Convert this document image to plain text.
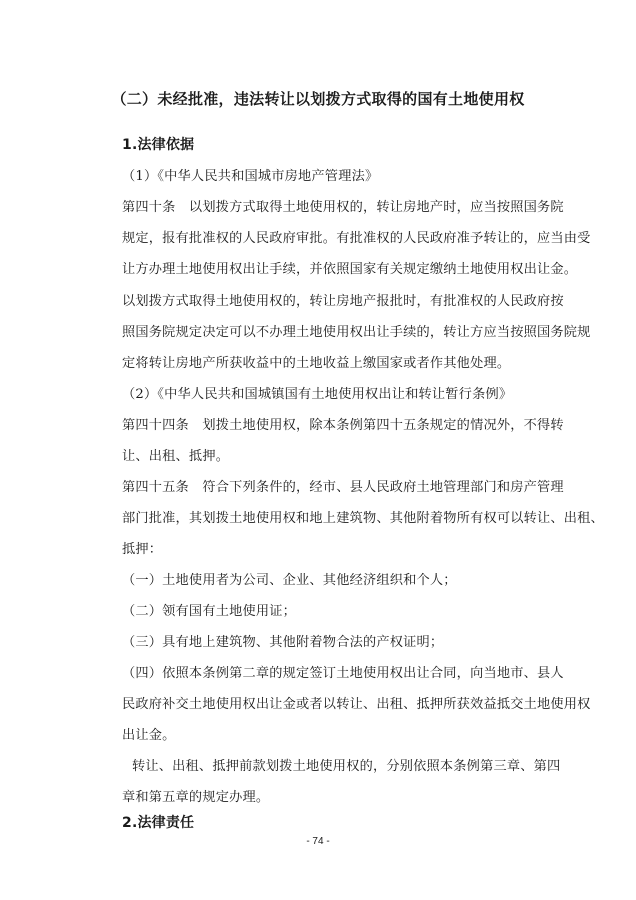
（二）未经批准，违法转让以划拨方式取得的国有土地使用权
1.法律依据
（1）《中华人民共和国城市房地产管理法》
第四十条　以划拨方式取得土地使用权的，转让房地产时，应当按照国务院
规定，报有批准权的人民政府审批。有批准权的人民政府准予转让的，应当由受
让方办理土地使用权出让手续，并依照国家有关规定缴纳土地使用权出让金。
以划拨方式取得土地使用权的，转让房地产报批时，有批准权的人民政府按
照国务院规定决定可以不办理土地使用权出让手续的，转让方应当按照国务院规
定将转让房地产所获收益中的土地收益上缴国家或者作其他处理。
（2）《中华人民共和国城镇国有土地使用权出让和转让暂行条例》
第四十四条　划拨土地使用权，除本条例第四十五条规定的情况外，不得转
让、出租、抵押。
第四十五条　符合下列条件的，经市、县人民政府土地管理部门和房产管理
部门批准，其划拨土地使用权和地上建筑物、其他附着物所有权可以转让、出租、
抵押：
（一）土地使用者为公司、企业、其他经济组织和个人；
（二）领有国有土地使用证；
（三）具有地上建筑物、其他附着物合法的产权证明；
（四）依照本条例第二章的规定签订土地使用权出让合同，向当地市、县人
民政府补交土地使用权出让金或者以转让、出租、抵押所获效益抵交土地使用权
出让金。
转让、出租、抵押前款划拨土地使用权的，分别依照本条例第三章、第四
章和第五章的规定办理。
2.法律责任
- 74 -
